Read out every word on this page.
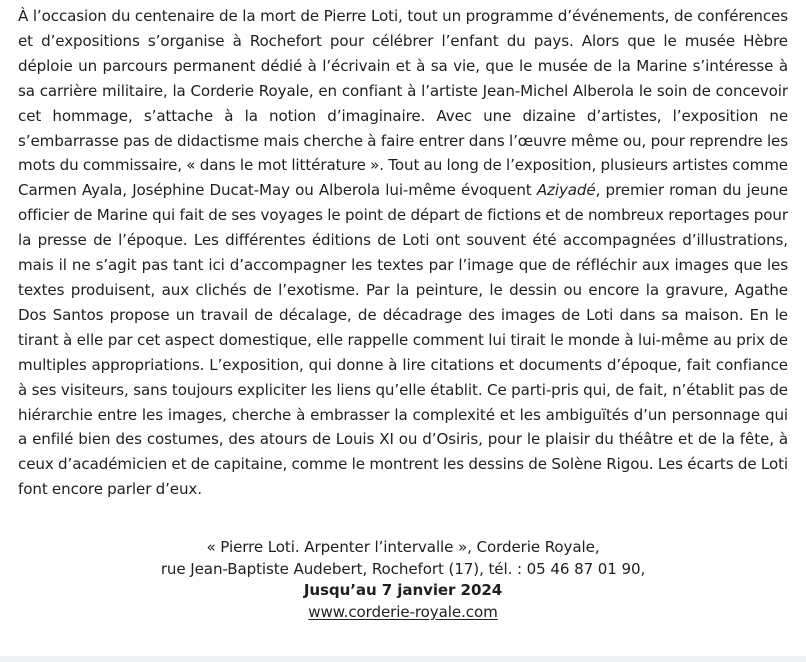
À l’occasion du centenaire de la mort de Pierre Loti, tout un programme d’événements, de conférences et d’expositions s’organise à Rochefort pour célébrer l’enfant du pays. Alors que le musée Hèbre déploie un parcours permanent dédié à l’écrivain et à sa vie, que le musée de la Marine s’intéresse à sa carrière militaire, la Corderie Royale, en confiant à l’artiste Jean-Michel Alberola le soin de concevoir cet hommage, s’attache à la notion d’imaginaire. Avec une dizaine d’artistes, l’exposition ne s’embarrasse pas de didactisme mais cherche à faire entrer dans l’œuvre même ou, pour reprendre les mots du commissaire, « dans le mot littérature ». Tout au long de l’exposition, plusieurs artistes comme Carmen Ayala, Joséphine Ducat-May ou Alberola lui-même évoquent Aziyadé, premier roman du jeune officier de Marine qui fait de ses voyages le point de départ de fictions et de nombreux reportages pour la presse de l’époque. Les différentes éditions de Loti ont souvent été accompagnées d’illustrations, mais il ne s’agit pas tant ici d’accompagner les textes par l’image que de réfléchir aux images que les textes produisent, aux clichés de l’exotisme. Par la peinture, le dessin ou encore la gravure, Agathe Dos Santos propose un travail de décalage, de décadrage des images de Loti dans sa maison. En le tirant à elle par cet aspect domestique, elle rappelle comment lui tirait le monde à lui-même au prix de multiples appropriations. L’exposition, qui donne à lire citations et documents d’époque, fait confiance à ses visiteurs, sans toujours expliciter les liens qu’elle établit. Ce parti-pris qui, de fait, n’établit pas de hiérarchie entre les images, cherche à embrasser la complexité et les ambiguïtés d’un personnage qui a enfilé bien des costumes, des atours de Louis XI ou d’Osiris, pour le plaisir du théâtre et de la fête, à ceux d’académicien et de capitaine, comme le montrent les dessins de Solène Rigou. Les écarts de Loti font encore parler d’eux.

« Pierre Loti. Arpenter l’intervalle », Corderie Royale,
rue Jean-Baptiste Audebert, Rochefort (17), tél. : 05 46 87 01 90,
Jusqu’au 7 janvier 2024
www.corderie-royale.com
